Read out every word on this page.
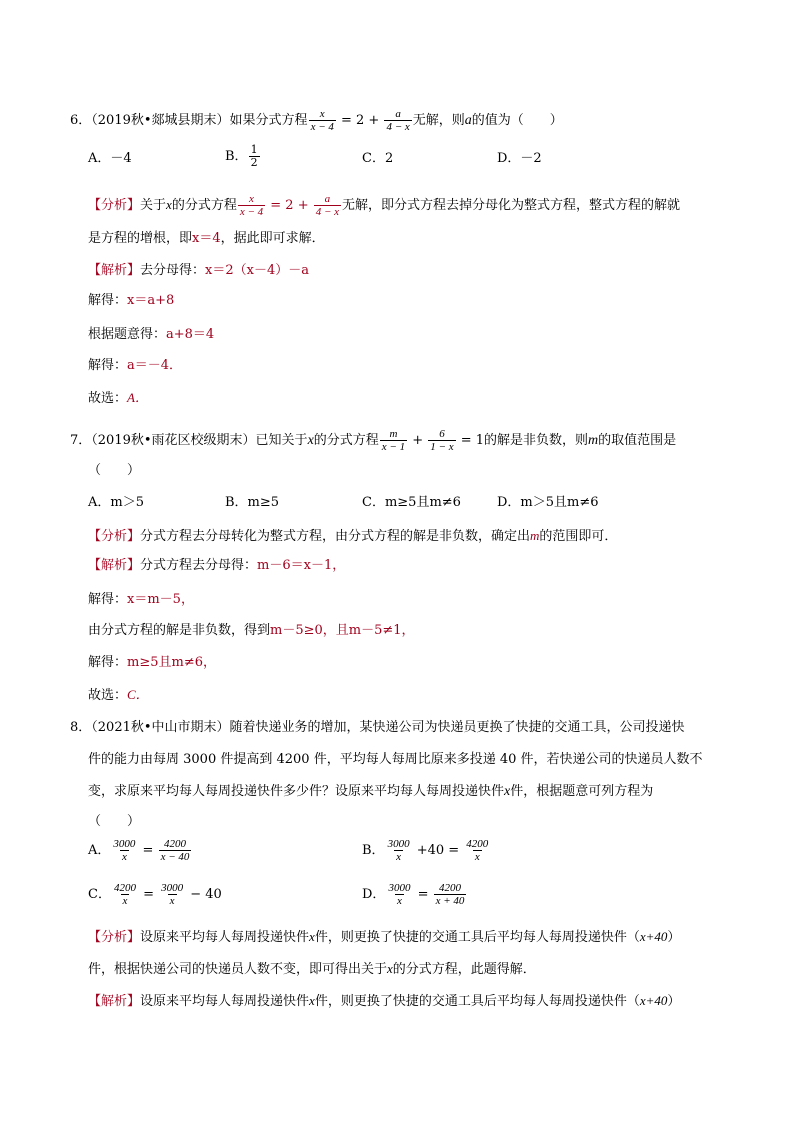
6．（2019秋•郯城县期末）如果分式方程 $\frac{x}{x - 4} = 2 + \frac{a}{4 - x}$ 无解，则a的值为（　　）
A．－4	B． $\frac{1}{2}$	C．2	D．－2
【分析】关于x的分式方程 $\frac{x}{x - 4} = 2 + \frac{a}{4 - x}$ 无解，即分式方程去掉分母化为整式方程，整式方程的解就
是方程的增根，即x＝4，据此即可求解．
【解析】去分母得：x＝2（x－4）－a
解得：x＝a+8
根据题意得：a+8＝4
解得：a＝－4．
故选：A．
7．（2019秋•雨花区校级期末）已知关于x的分式方程 $\frac{m}{x - 1} + \frac{6}{1 - x} = 1$的解是非负数，则m的取值范围是
（　　）
A．m＞5	B．m≥5	C．m≥5且m≠6	D．m＞5且m≠6
【分析】分式方程去分母转化为整式方程，由分式方程的解是非负数，确定出m的范围即可．
【解析】分式方程去分母得：m－6＝x－1，
解得：x＝m－5，
由分式方程的解是非负数，得到m－5≥0，且m－5≠1，
解得：m≥5且m≠6，
故选：C．
8．（2021秋•中山市期末）随着快递业务的增加，某快递公司为快递员更换了快捷的交通工具，公司投递快
件的能力由每周 3000 件提高到 4200 件，平均每人每周比原来多投递 40 件，若快递公司的快递员人数不
变，求原来平均每人每周投递快件多少件？设原来平均每人每周投递快件x件，根据题意可列方程为
（　　）
A． $\frac{3000}{x} = \frac{4200}{x - 40}$	B． $\frac{3000}{x} +40 = \frac{4200}{x}$
C． $\frac{4200}{x} = \frac{3000}{x} - 40$	D． $\frac{3000}{x} = \frac{4200}{x + 40}$
【分析】设原来平均每人每周投递快件x件，则更换了快捷的交通工具后平均每人每周投递快件（x+40）
件，根据快递公司的快递员人数不变，即可得出关于x的分式方程，此题得解．
【解析】设原来平均每人每周投递快件x件，则更换了快捷的交通工具后平均每人每周投递快件（x+40）
